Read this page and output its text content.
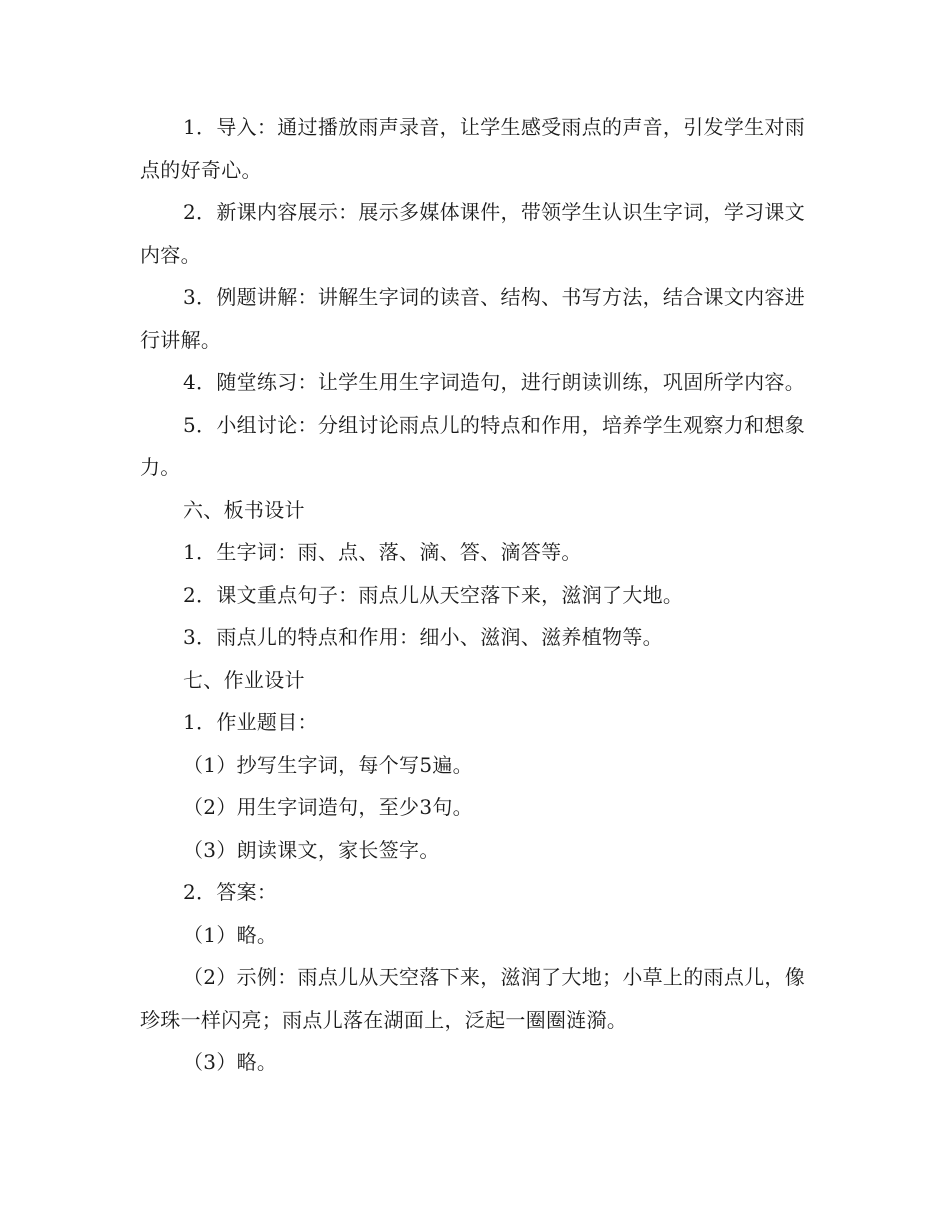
1．导入：通过播放雨声录音，让学生感受雨点的声音，引发学生对雨点的好奇心。

2．新课内容展示：展示多媒体课件，带领学生认识生字词，学习课文内容。

3．例题讲解：讲解生字词的读音、结构、书写方法，结合课文内容进行讲解。

4．随堂练习：让学生用生字词造句，进行朗读训练，巩固所学内容。

5．小组讨论：分组讨论雨点儿的特点和作用，培养学生观察力和想象力。

六、板书设计

1．生字词：雨、点、落、滴、答、滴答等。

2．课文重点句子：雨点儿从天空落下来，滋润了大地。

3．雨点儿的特点和作用：细小、滋润、滋养植物等。

七、作业设计

1．作业题目：

（1）抄写生字词，每个写5遍。

（2）用生字词造句，至少3句。

（3）朗读课文，家长签字。

2．答案：

（1）略。

（2）示例：雨点儿从天空落下来，滋润了大地；小草上的雨点儿，像珍珠一样闪亮；雨点儿落在湖面上，泛起一圈圈涟漪。

（3）略。
